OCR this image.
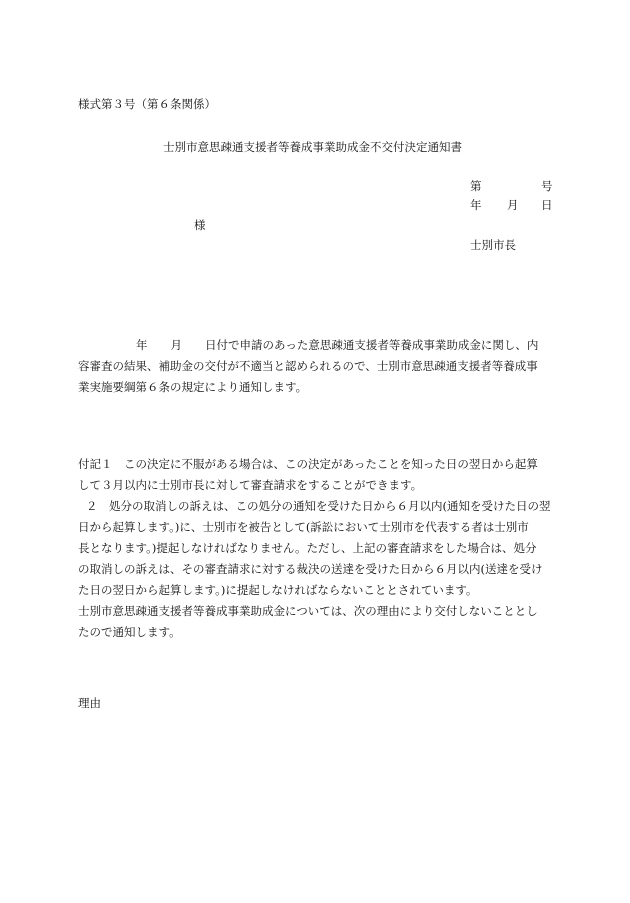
様式第３号（第６条関係）
士別市意思疎通支援者等養成事業助成金不交付決定通知書
第	号
年 月 日
様
士別市長
年　　月　　日付で申請のあった意思疎通支援者等養成事業助成金に関し、内
容審査の結果、補助金の交付が不適当と認められるので、士別市意思疎通支援者等養成事
業実施要綱第６条の規定により通知します。
付記１　この決定に不服がある場合は、この決定があったことを知った日の翌日から起算
して３月以内に士別市長に対して審査請求をすることができます。
２　処分の取消しの訴えは、この処分の通知を受けた日から６月以内(通知を受けた日の翌
日から起算します。)に、士別市を被告として(訴訟において士別市を代表する者は士別市
長となります。)提起しなければなりません。ただし、上記の審査請求をした場合は、処分
の取消しの訴えは、その審査請求に対する裁決の送達を受けた日から６月以内(送達を受け
た日の翌日から起算します。)に提起しなければならないこととされています。
士別市意思疎通支援者等養成事業助成金については、次の理由により交付しないこととし
たので通知します。
理由
